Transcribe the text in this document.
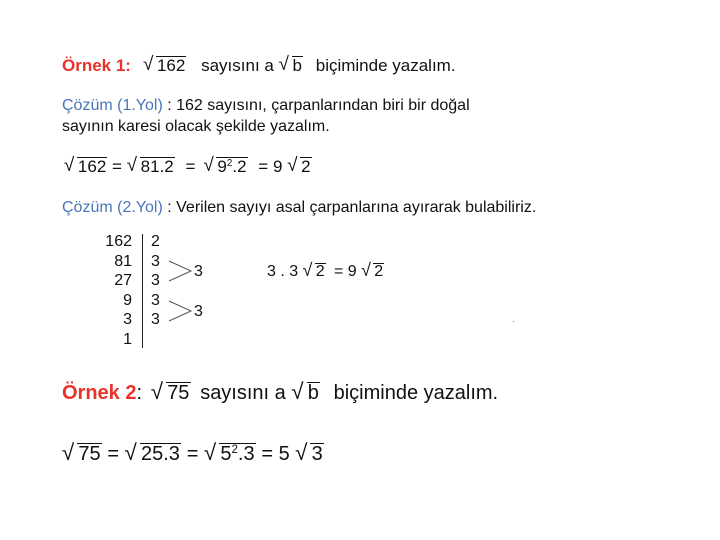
Örnek 1: √ 162 sayısını a √ b biçiminde yazalım.
Çözüm (1.Yol) : 162 sayısını, çarpanlarından biri bir doğal
sayının karesi olacak şekilde yazalım.
√ 162 = √ 81.2 = √ $9^2.2 = 9$ √ 2
Çözüm (2.Yol) : Verilen sayıyı asal çarpanlarına ayırarak bulabiliriz.
162
81
27
9
3
1
2
3
3
3
3
3
3
3 . 3 √ 2 = 9 √ 2
.
Örnek 2: √ 75 sayısını a √ b biçiminde yazalım.
√ 75 = √ 25.3 = √ $5^2.3 = 5$ √ 3
